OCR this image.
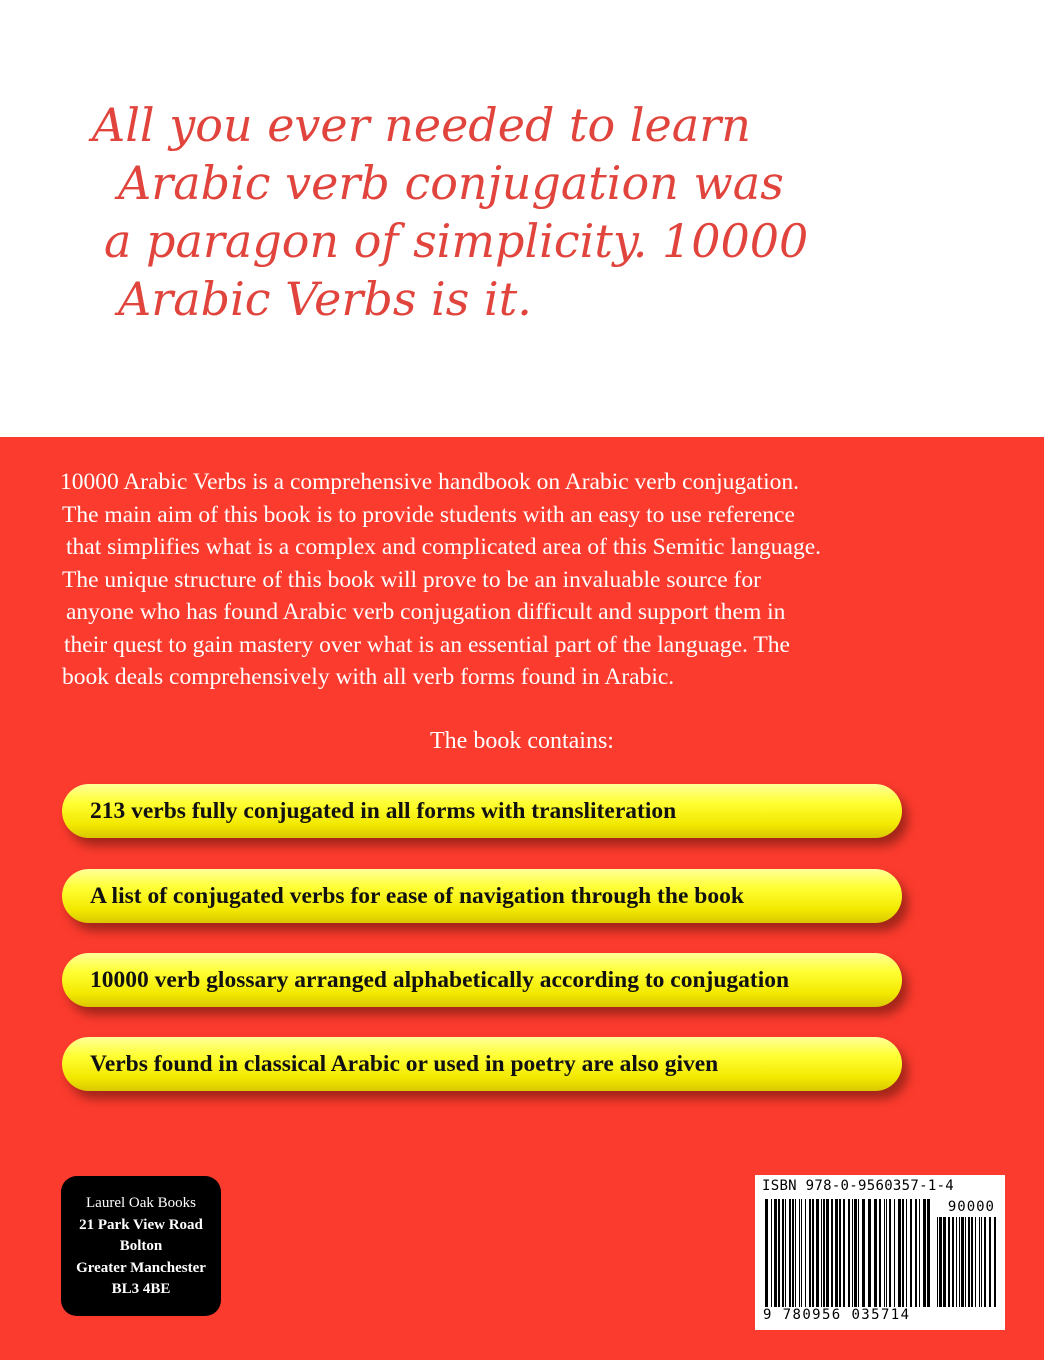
All you ever needed to learn
Arabic verb conjugation was
a paragon of simplicity. 10000
Arabic Verbs is it.
10000 Arabic Verbs is a comprehensive handbook on Arabic verb conjugation.
The main aim of this book is to provide students with an easy to use reference
that simplifies what is a complex and complicated area of this Semitic language.
The unique structure of this book will prove to be an invaluable source for
anyone who has found Arabic verb conjugation difficult and support them in
their quest to gain mastery over what is an essential part of the language. The
book deals comprehensively with all verb forms found in Arabic.
The book contains:
213 verbs fully conjugated in all forms with transliteration
A list of conjugated verbs for ease of navigation through the book
10000 verb glossary arranged alphabetically according to conjugation
Verbs found in classical Arabic or used in poetry are also given
Laurel Oak Books
21 Park View Road
Bolton
Greater Manchester
BL3 4BE
ISBN 978-0-9560357-1-4
90000
9 780956 035714
